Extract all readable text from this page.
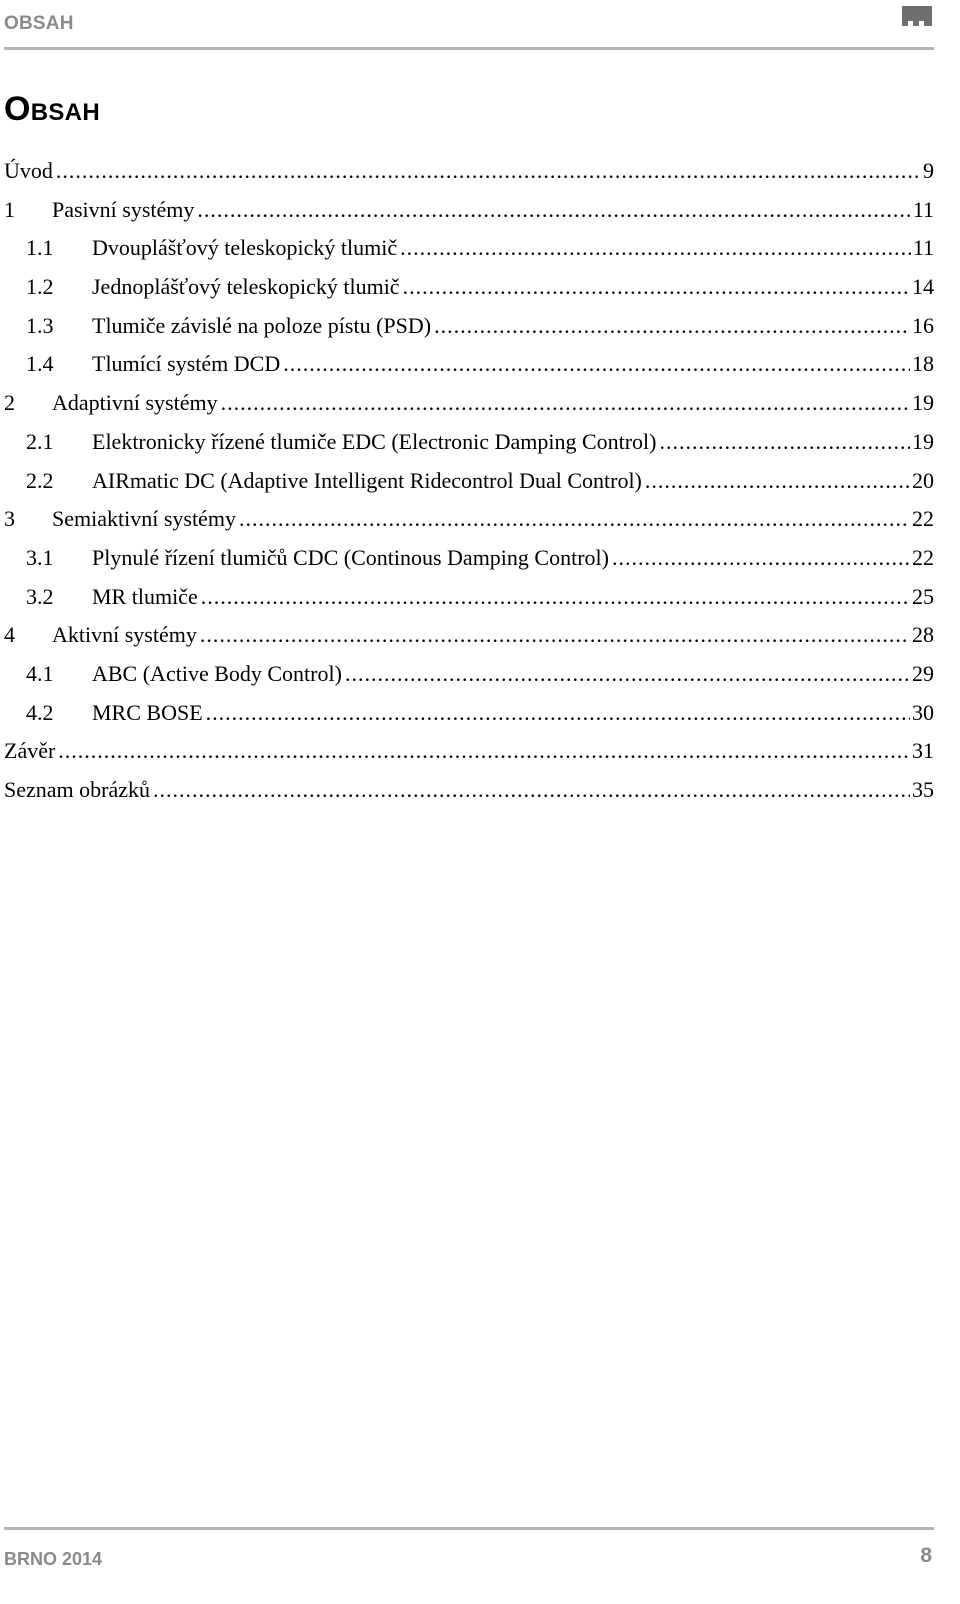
OBSAH
Obsah
Úvod .....	9
1	Pasivní systémy .....	11
1.1	Dvouplášťový teleskopický tlumič .....	11
1.2	Jednoplášťový teleskopický tlumič .....	14
1.3	Tlumiče závislé na poloze pístu (PSD) .....	16
1.4	Tlumící systém DCD .....	18
2	Adaptivní systémy .....	19
2.1	Elektronicky řízené tlumiče EDC (Electronic Damping Control) .....	19
2.2	AIRmatic DC (Adaptive Intelligent Ridecontrol Dual Control) .....	20
3	Semiaktivní systémy .....	22
3.1	Plynulé řízení tlumičů CDC (Continous Damping Control) .....	22
3.2	MR tlumiče .....	25
4	Aktivní systémy .....	28
4.1	ABC (Active Body Control) .....	29
4.2	MRC BOSE .....	30
Závěr .....	31
Seznam obrázků .....	35
BRNO 2014	8
